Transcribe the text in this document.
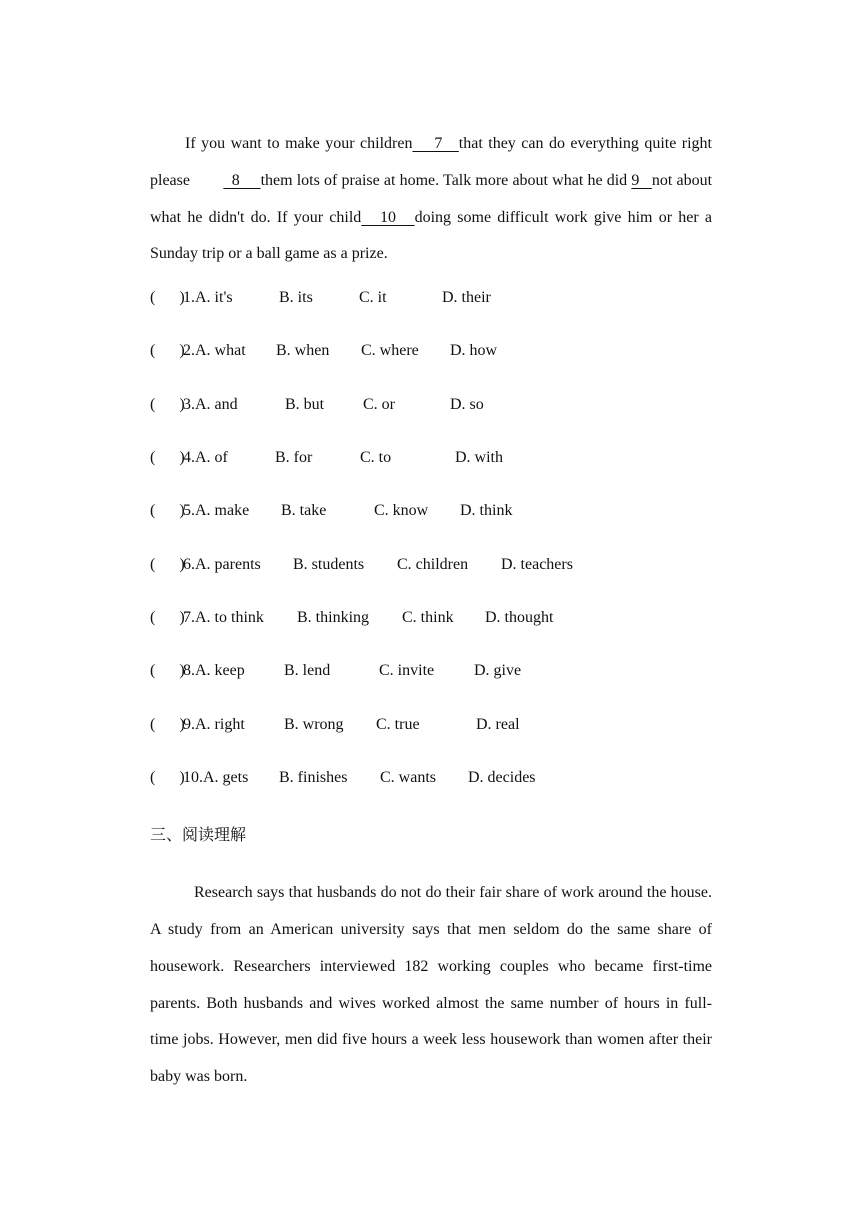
If you want to make your children    7   that they can do everything quite right please          8     them lots of praise at home. Talk more about what he did 9   not about what he didn't do. If your child   10   doing some difficult work give him or her a Sunday trip or a ball game as a prize.

(      )
1. A. it's	B. its	C. it	D. their
(      )
2. A. what	B. when	C. where	D. how
(      )
3. A. and	B. but	C. or	D. so
(      )
4. A. of	B. for	C. to	D. with
(      )
5. A. make	B. take	C. know	D. think
(      )
6. A. parents	B. students	C. children	D. teachers
(      )
7. A. to think	B. thinking	C. think	D. thought
(      )
8. A. keep	B. lend	C. invite	D. give
(      )
9. A. right	B. wrong	C. true	D. real
(      )
10. A. gets	B. finishes	C. wants	D. decides
三、阅读理解

Research says that husbands do not do their fair share of work around the house. A study from an American university says that men seldom do the same share of housework. Researchers interviewed 182 working couples who became first-time parents. Both husbands and wives worked almost the same number of hours in full-time jobs. However, men did five hours a week less housework than women after their baby was born.
